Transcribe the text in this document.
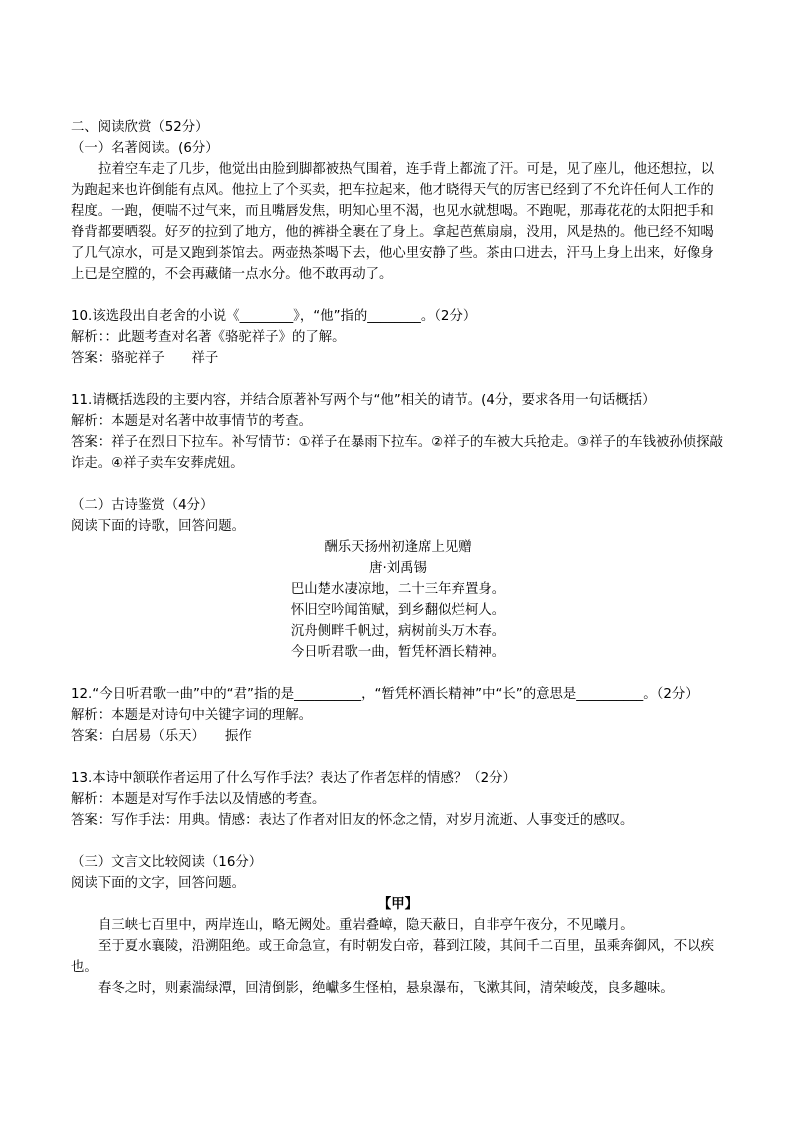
二、阅读欣赏（52分）

（一）名著阅读。(6分）

拉着空车走了几步，他觉出由脸到脚都被热气围着，连手背上都流了汗。可是，见了座儿，他还想拉，以为跑起来也许倒能有点风。他拉上了个买卖，把车拉起来，他才晓得天气的厉害已经到了不允许任何人工作的程度。一跑，便喘不过气来，而且嘴唇发焦，明知心里不渴，也见水就想喝。不跑呢，那毒花花的太阳把手和脊背都要晒裂。好歹的拉到了地方，他的裤褂全裹在了身上。拿起芭蕉扇扇，没用，风是热的。他已经不知喝了几气凉水，可是又跑到茶馆去。两壶热茶喝下去，他心里安静了些。茶由口进去，汗马上身上出来，好像身上已是空膛的，不会再藏储一点水分。他不敢再动了。

10.该选段出自老舍的小说《________》，“他”指的________。（2分）

解析：：此题考查对名著《骆驼祥子》的了解。

答案：骆驼祥子　　祥子

11.请概括选段的主要内容，并结合原著补写两个与“他”相关的请节。(4分，要求各用一句话概括）

解析：本题是对名著中故事情节的考查。

答案：祥子在烈日下拉车。补写情节：①祥子在暴雨下拉车。②祥子的车被大兵抢走。③祥子的车钱被孙侦探敲诈走。④祥子卖车安葬虎妞。

（二）古诗鉴赏（4分）

阅读下面的诗歌，回答问题。

酬乐天扬州初逢席上见赠

唐·刘禹锡

巴山楚水凄凉地，二十三年弃置身。

怀旧空吟闻笛赋，到乡翻似烂柯人。

沉舟侧畔千帆过，病树前头万木春。

今日听君歌一曲，暂凭杯酒长精神。

12.“今日听君歌一曲”中的“君”指的是__________，“暂凭杯酒长精神”中“长”的意思是__________。（2分）

解析：本题是对诗句中关键字词的理解。

答案：白居易（乐天）　　振作

13.本诗中颔联作者运用了什么写作手法？表达了作者怎样的情感？（2分）

解析：本题是对写作手法以及情感的考查。

答案：写作手法：用典。情感：表达了作者对旧友的怀念之情，对岁月流逝、人事变迁的感叹。

（三）文言文比较阅读（16分）

阅读下面的文字，回答问题。

【甲】

自三峡七百里中，两岸连山，略无阙处。重岩叠嶂，隐天蔽日，自非亭午夜分，不见曦月。

至于夏水襄陵，沿溯阻绝。或王命急宣，有时朝发白帝，暮到江陵，其间千二百里，虽乘奔御风，不以疾也。

春冬之时，则素湍绿潭，回清倒影，绝巘多生怪柏，悬泉瀑布，飞漱其间，清荣峻茂，良多趣味。
